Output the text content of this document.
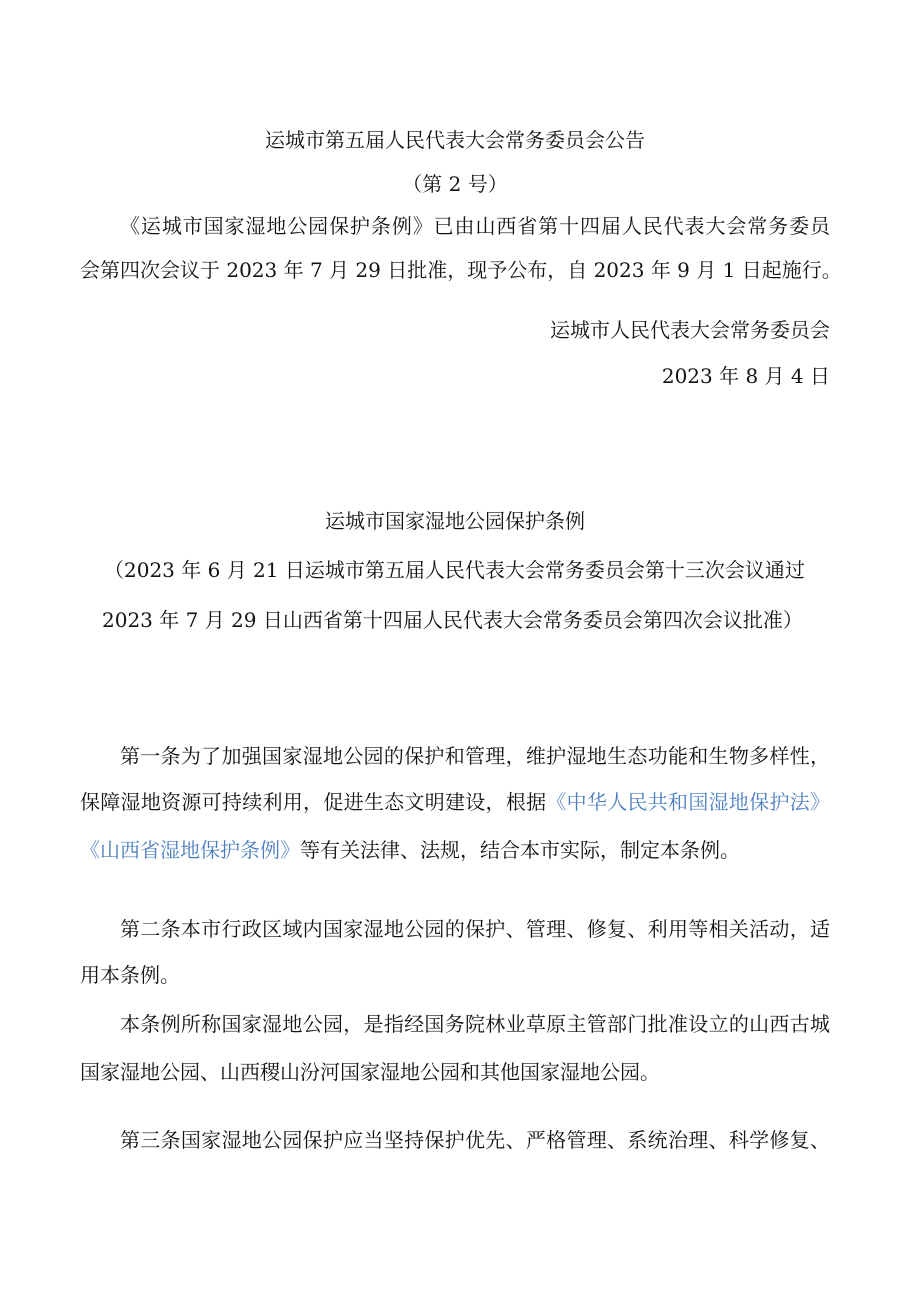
运城市第五届人民代表大会常务委员会公告
（第 2 号）
《运城市国家湿地公园保护条例》已由山西省第十四届人民代表大会常务委员
会第四次会议于 2023 年 7 月 29 日批准，现予公布，自 2023 年 9 月 1 日起施行。
运城市人民代表大会常务委员会
2023 年 8 月 4 日
运城市国家湿地公园保护条例
（2023 年 6 月 21 日运城市第五届人民代表大会常务委员会第十三次会议通过
2023 年 7 月 29 日山西省第十四届人民代表大会常务委员会第四次会议批准）
第一条为了加强国家湿地公园的保护和管理，维护湿地生态功能和生物多样性，
保障湿地资源可持续利用，促进生态文明建设，根据《中华人民共和国湿地保护法》
《山西省湿地保护条例》等有关法律、法规，结合本市实际，制定本条例。
第二条本市行政区域内国家湿地公园的保护、管理、修复、利用等相关活动，适
用本条例。
本条例所称国家湿地公园，是指经国务院林业草原主管部门批准设立的山西古城
国家湿地公园、山西稷山汾河国家湿地公园和其他国家湿地公园。
第三条国家湿地公园保护应当坚持保护优先、严格管理、系统治理、科学修复、
